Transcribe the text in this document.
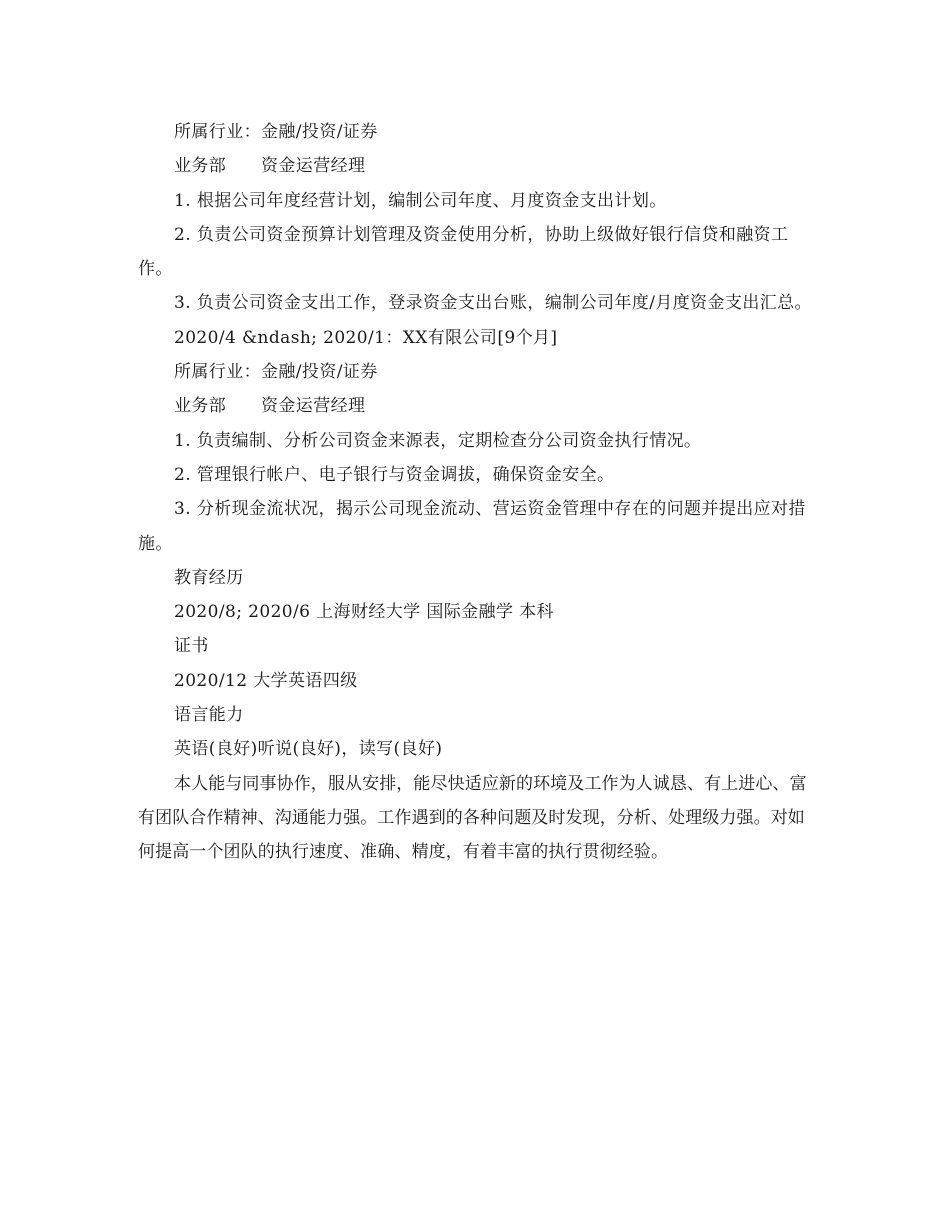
所属行业：金融/投资/证券

业务部　　资金运营经理

1. 根据公司年度经营计划，编制公司年度、月度资金支出计划。

2. 负责公司资金预算计划管理及资金使用分析，协助上级做好银行信贷和融资工作。

3. 负责公司资金支出工作，登录资金支出台账，编制公司年度/月度资金支出汇总。

2020/4 &ndash; 2020/1：XX有限公司[9个月]

所属行业：金融/投资/证券

业务部　　资金运营经理

1. 负责编制、分析公司资金来源表，定期检查分公司资金执行情况。

2. 管理银行帐户、电子银行与资金调拔，确保资金安全。

3. 分析现金流状况，揭示公司现金流动、营运资金管理中存在的问题并提出应对措施。

教育经历

2020/8; 2020/6 上海财经大学 国际金融学 本科

证书

2020/12 大学英语四级

语言能力

英语(良好)听说(良好)，读写(良好)

本人能与同事协作，服从安排，能尽快适应新的环境及工作为人诚恳、有上进心、富有团队合作精神、沟通能力强。工作遇到的各种问题及时发现，分析、处理级力强。对如何提高一个团队的执行速度、准确、精度，有着丰富的执行贯彻经验。
